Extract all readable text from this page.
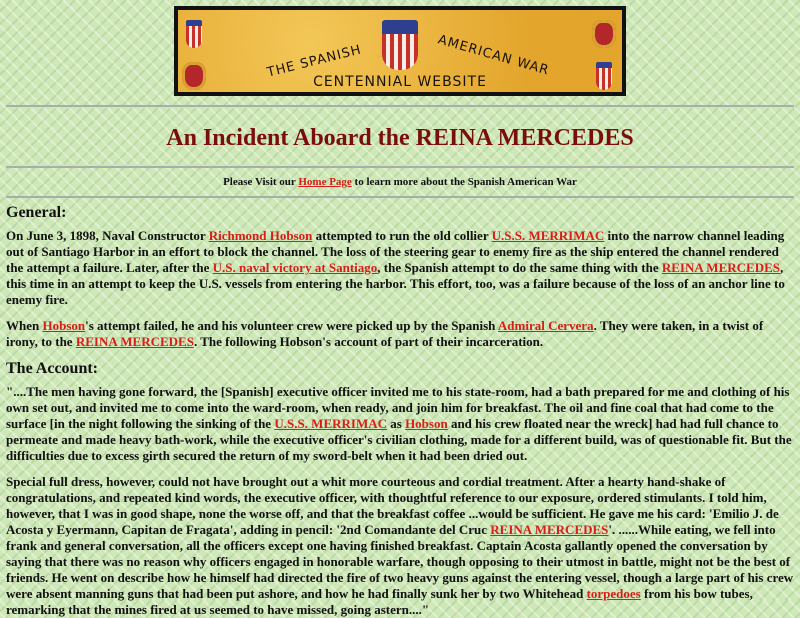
THE SPANISH	AMERICAN WAR
CENTENNIAL WEBSITE
An Incident Aboard the REINA MERCEDES
Please Visit our Home Page to learn more about the Spanish American War
General:

On June 3, 1898, Naval Constructor Richmond Hobson attempted to run the old collier U.S.S. MERRIMAC into the narrow channel leading out of Santiago Harbor in an effort to block the channel. The loss of the steering gear to enemy fire as the ship entered the channel rendered the attempt a failure. Later, after the U.S. naval victory at Santiago, the Spanish attempt to do the same thing with the REINA MERCEDES, this time in an attempt to keep the U.S. vessels from entering the harbor. This effort, too, was a failure because of the loss of an anchor line to enemy fire.

When Hobson's attempt failed, he and his volunteer crew were picked up by the Spanish Admiral Cervera. They were taken, in a twist of irony, to the REINA MERCEDES. The following Hobson's account of part of their incarceration.

The Account:

"....The men having gone forward, the [Spanish] executive officer invited me to his state-room, had a bath prepared for me and clothing of his own set out, and invited me to come into the ward-room, when ready, and join him for breakfast. The oil and fine coal that had come to the surface [in the night following the sinking of the U.S.S. MERRIMAC as Hobson and his crew floated near the wreck] had had full chance to permeate and made heavy bath-work, while the executive officer's civilian clothing, made for a different build, was of questionable fit. But the difficulties due to excess girth secured the return of my sword-belt when it had been dried out.

Special full dress, however, could not have brought out a whit more courteous and cordial treatment. After a hearty hand-shake of congratulations, and repeated kind words, the executive officer, with thoughtful reference to our exposure, ordered stimulants. I told him, however, that I was in good shape, none the worse off, and that the breakfast coffee ...would be sufficient. He gave me his card: 'Emilio J. de Acosta y Eyermann, Capitan de Fragata', adding in pencil: '2nd Comandante del Cruc REINA MERCEDES'. ......While eating, we fell into frank and general conversation, all the officers except one having finished breakfast. Captain Acosta gallantly opened the conversation by saying that there was no reason why officers engaged in honorable warfare, though opposing to their utmost in battle, might not be the best of friends. He went on describe how he himself had directed the fire of two heavy guns against the entering vessel, though a large part of his crew were absent manning guns that had been put ashore, and how he had finally sunk her by two Whitehead torpedoes from his bow tubes, remarking that the mines fired at us seemed to have missed, going astern...."
